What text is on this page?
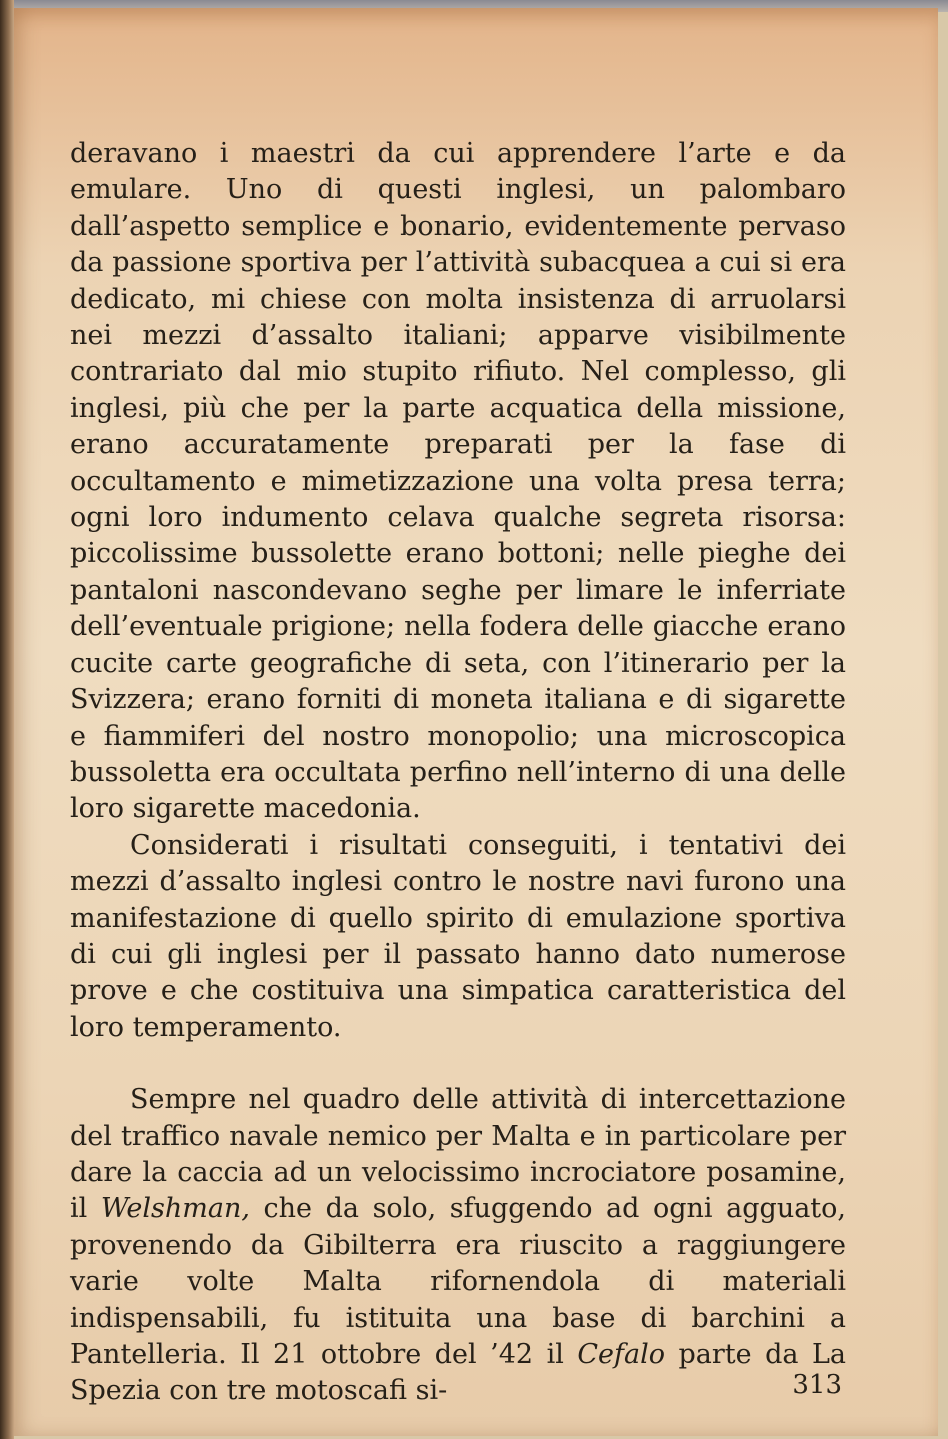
deravano i maestri da cui apprendere l’arte e da emulare. Uno di questi inglesi, un palombaro dall’aspetto semplice e bonario, evidentemente pervaso da passione sportiva per l’attività subacquea a cui si era dedicato, mi chiese con molta insistenza di arruolarsi nei mezzi d’assalto italiani; apparve visibilmente contrariato dal mio stupito rifiuto. Nel complesso, gli inglesi, più che per la parte acquatica della missione, erano accuratamente preparati per la fase di occultamento e mimetizzazione una volta presa terra; ogni loro indumento celava qualche segreta risorsa: piccolissime bussolette erano bottoni; nelle pieghe dei pantaloni nascondevano seghe per limare le inferriate dell’eventuale prigione; nella fodera delle giacche erano cucite carte geografiche di seta, con l’itinerario per la Svizzera; erano forniti di moneta italiana e di sigarette e fiammiferi del nostro monopolio; una microscopica bussoletta era occultata perfino nell’interno di una delle loro sigarette macedonia.

Considerati i risultati conseguiti, i tentativi dei mezzi d’assalto inglesi contro le nostre navi furono una manifestazione di quello spirito di emulazione sportiva di cui gli inglesi per il passato hanno dato numerose prove e che costituiva una simpatica caratteristica del loro temperamento.

Sempre nel quadro delle attività di intercettazione del traffico navale nemico per Malta e in particolare per dare la caccia ad un velocissimo incrociatore posamine, il Welshman, che da solo, sfuggendo ad ogni agguato, provenendo da Gibilterra era riuscito a raggiungere varie volte Malta rifornendola di materiali indispensabili, fu istituita una base di barchini a Pantelleria. Il 21 ottobre del ’42 il Cefalo parte da La Spezia con tre motoscafi si-	313
